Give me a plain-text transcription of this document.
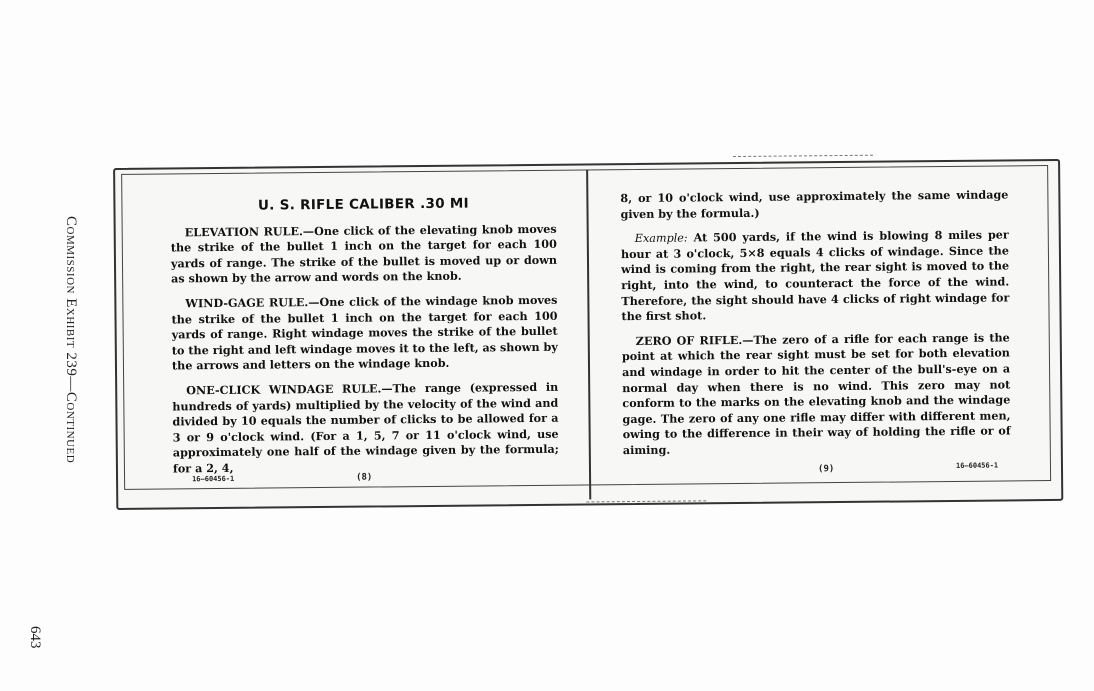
Commission Exhibit 239—Continued
643
U. S. RIFLE CALIBER .30 MI

ELEVATION RULE.—One click of the elevating knob moves the strike of the bullet 1 inch on the target for each 100 yards of range. The strike of the bullet is moved up or down as shown by the arrow and words on the knob.

WIND-GAGE RULE.—One click of the windage knob moves the strike of the bullet 1 inch on the target for each 100 yards of range. Right windage moves the strike of the bullet to the right and left windage moves it to the left, as shown by the arrows and letters on the windage knob.

ONE-CLICK WINDAGE RULE.—The range (expressed in hundreds of yards) multiplied by the velocity of the wind and divided by 10 equals the number of clicks to be allowed for a 3 or 9 o'clock wind. (For a 1, 5, 7 or 11 o'clock wind, use approximately one half of the windage given by the formula; for a 2, 4,

16—60456-1	(8)

8, or 10 o'clock wind, use approximately the same windage given by the formula.)

Example: At 500 yards, if the wind is blowing 8 miles per hour at 3 o'clock, 5×8 equals 4 clicks of windage. Since the wind is coming from the right, the rear sight is moved to the right, into the wind, to counteract the force of the wind. Therefore, the sight should have 4 clicks of right windage for the first shot.

ZERO OF RIFLE.—The zero of a rifle for each range is the point at which the rear sight must be set for both elevation and windage in order to hit the center of the bull's-eye on a normal day when there is no wind. This zero may not conform to the marks on the elevating knob and the windage gage. The zero of any one rifle may differ with different men, owing to the difference in their way of holding the rifle or of aiming.

(9)	16—60456-1
